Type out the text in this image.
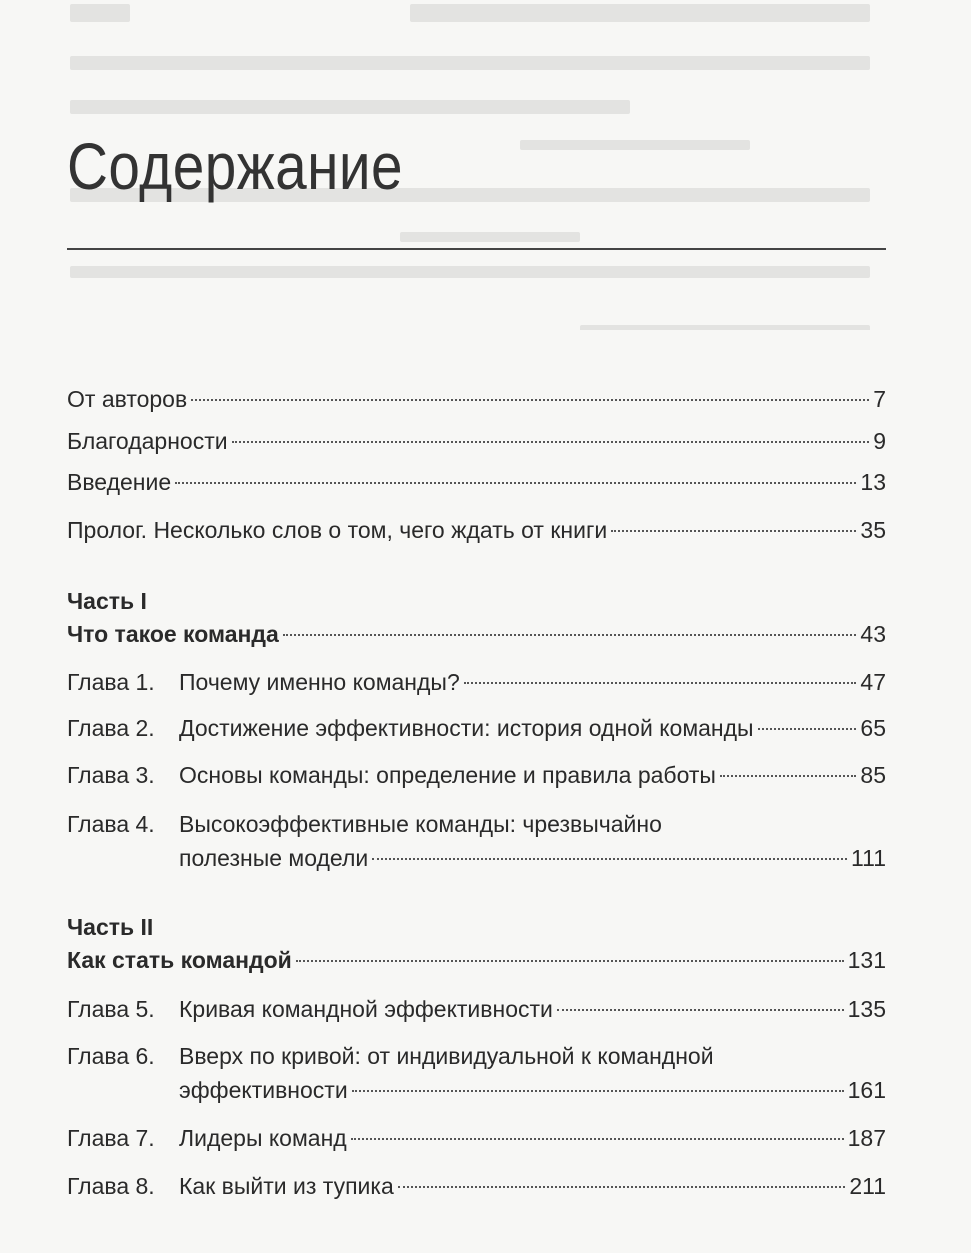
Содержание
От авторов	7
Благодарности	9
Введение	13
Пролог. Несколько слов о том, чего ждать от книги	35
Часть I
Что такое команда	43
Глава 1.	Почему именно команды?	47
Глава 2.	Достижение эффективности: история одной команды	65
Глава 3.	Основы команды: определение и правила работы	85
Глава 4.	Высокоэффективные команды: чрезвычайно
полезные модели	111
Часть II
Как стать командой	131
Глава 5.	Кривая командной эффективности	135
Глава 6.	Вверх по кривой: от индивидуальной к командной
эффективности	161
Глава 7.	Лидеры команд	187
Глава 8.	Как выйти из тупика	211
